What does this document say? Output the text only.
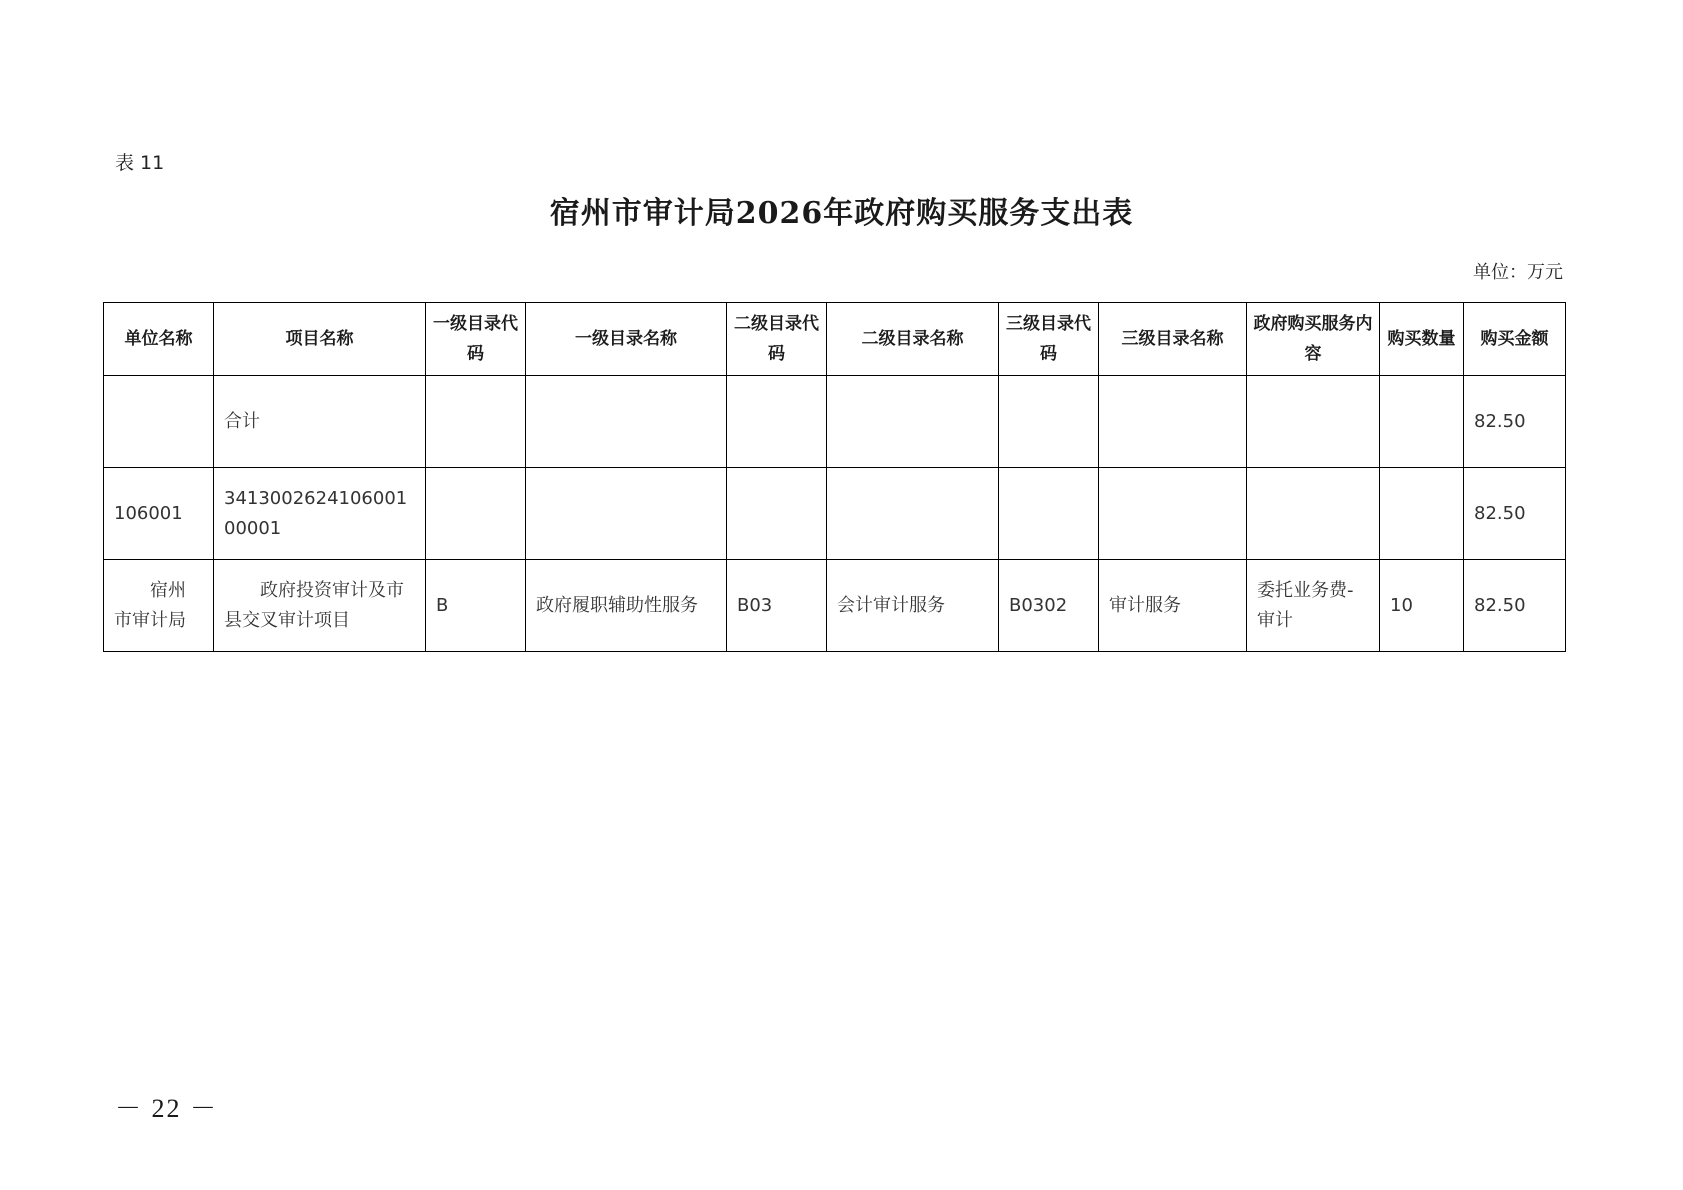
表 11
宿州市审计局2026年政府购买服务支出表
单位：万元
单位名称	项目名称	一级目录代码	一级目录名称	二级目录代码	二级目录名称	三级目录代码	三级目录名称	政府购买服务内容	购买数量	购买金额
	合计									82.50
106001	341300262410600100001									82.50
宿州市审计局	政府投资审计及市县交叉审计项目	B	政府履职辅助性服务	B03	会计审计服务	B0302	审计服务	委托业务费-审计	10	82.50
－ 22 －
